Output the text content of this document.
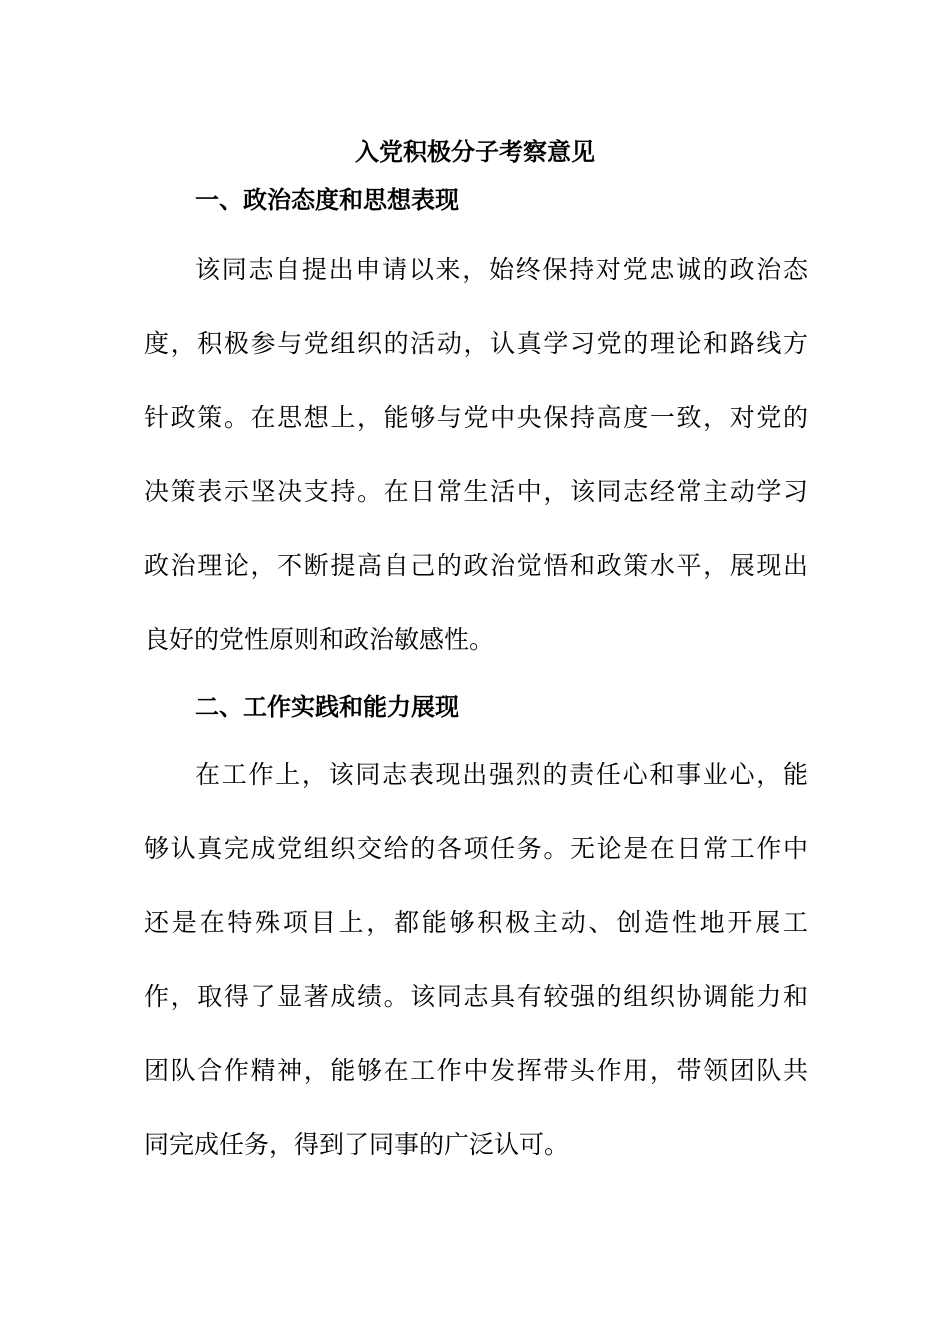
入党积极分子考察意见
一、政治态度和思想表现
该同志自提出申请以来，始终保持对党忠诚的政治态
度，积极参与党组织的活动，认真学习党的理论和路线方
针政策。在思想上，能够与党中央保持高度一致，对党的
决策表示坚决支持。在日常生活中，该同志经常主动学习
政治理论，不断提高自己的政治觉悟和政策水平，展现出
良好的党性原则和政治敏感性。
二、工作实践和能力展现
在工作上，该同志表现出强烈的责任心和事业心，能
够认真完成党组织交给的各项任务。无论是在日常工作中
还是在特殊项目上，都能够积极主动、创造性地开展工
作，取得了显著成绩。该同志具有较强的组织协调能力和
团队合作精神，能够在工作中发挥带头作用，带领团队共
同完成任务，得到了同事的广泛认可。
